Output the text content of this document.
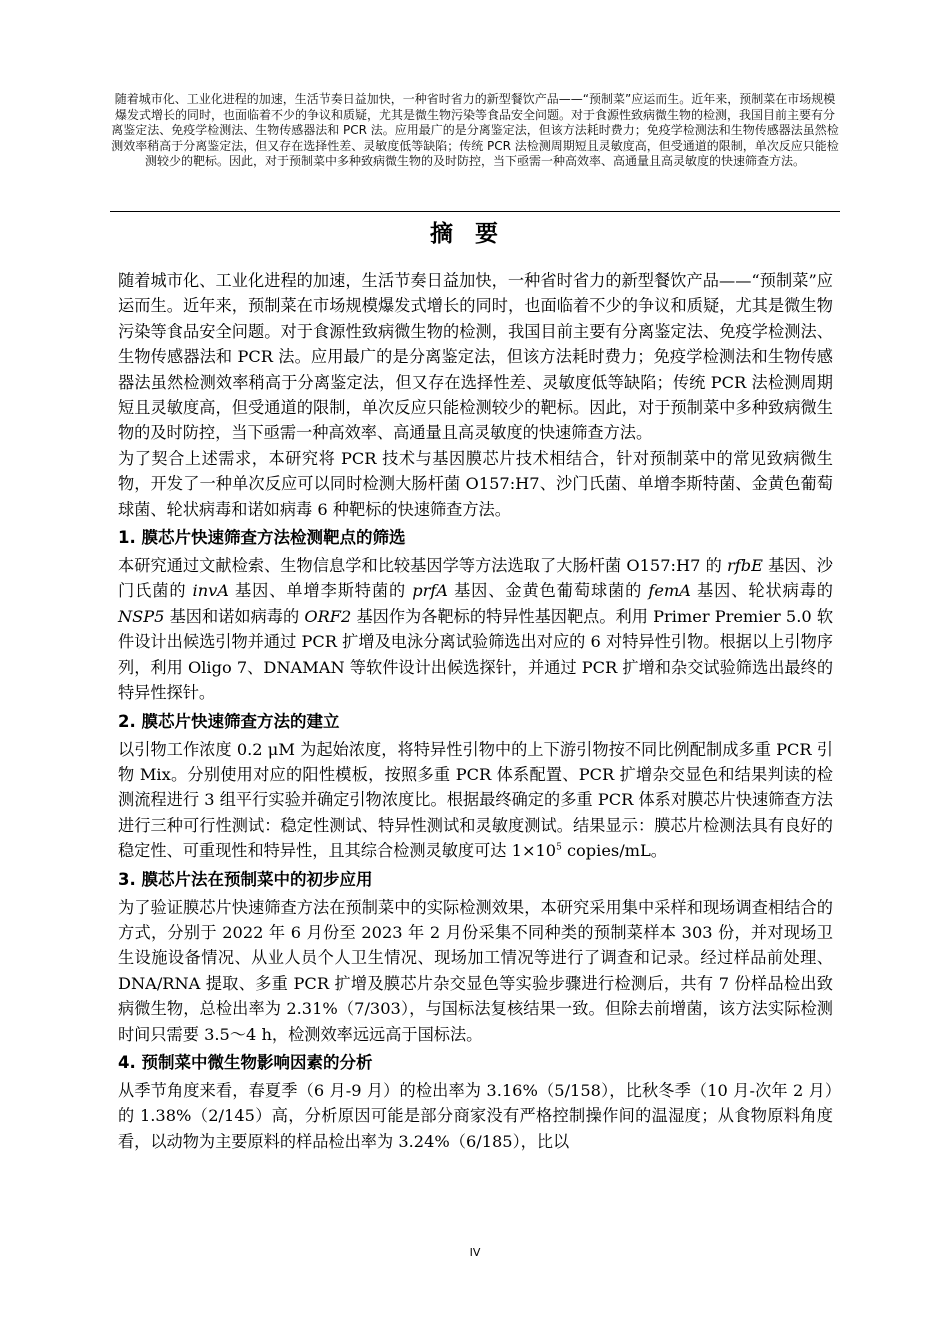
随着城市化、工业化进程的加速，生活节奏日益加快，一种省时省力的新型餐饮产品——“预制菜”应运而生。近年来，预制菜在市场规模爆发式增长的同时，也面临着不少的争议和质疑，尤其是微生物污染等食品安全问题。对于食源性致病微生物的检测，我国目前主要有分离鉴定法、免疫学检测法、生物传感器法和 PCR 法。应用最广的是分离鉴定法，但该方法耗时费力；免疫学检测法和生物传感器法虽然检测效率稍高于分离鉴定法，但又存在选择性差、灵敏度低等缺陷；传统 PCR 法检测周期短且灵敏度高，但受通道的限制，单次反应只能检测较少的靶标。因此，对于预制菜中多种致病微生物的及时防控，当下亟需一种高效率、高通量且高灵敏度的快速筛查方法。
摘要

随着城市化、工业化进程的加速，生活节奏日益加快，一种省时省力的新型餐饮产品——“预制菜”应运而生。近年来，预制菜在市场规模爆发式增长的同时，也面临着不少的争议和质疑，尤其是微生物污染等食品安全问题。对于食源性致病微生物的检测，我国目前主要有分离鉴定法、免疫学检测法、生物传感器法和 PCR 法。应用最广的是分离鉴定法，但该方法耗时费力；免疫学检测法和生物传感器法虽然检测效率稍高于分离鉴定法，但又存在选择性差、灵敏度低等缺陷；传统 PCR 法检测周期短且灵敏度高，但受通道的限制，单次反应只能检测较少的靶标。因此，对于预制菜中多种致病微生物的及时防控，当下亟需一种高效率、高通量且高灵敏度的快速筛查方法。

为了契合上述需求，本研究将 PCR 技术与基因膜芯片技术相结合，针对预制菜中的常见致病微生物，开发了一种单次反应可以同时检测大肠杆菌 O157:H7、沙门氏菌、单增李斯特菌、金黄色葡萄球菌、轮状病毒和诺如病毒 6 种靶标的快速筛查方法。

1. 膜芯片快速筛查方法检测靶点的筛选

本研究通过文献检索、生物信息学和比较基因学等方法选取了大肠杆菌 O157:H7 的 rfbE 基因、沙门氏菌的 invA 基因、单增李斯特菌的 prfA 基因、金黄色葡萄球菌的 femA 基因、轮状病毒的 NSP5 基因和诺如病毒的 ORF2 基因作为各靶标的特异性基因靶点。利用 Primer Premier 5.0 软件设计出候选引物并通过 PCR 扩增及电泳分离试验筛选出对应的 6 对特异性引物。根据以上引物序列，利用 Oligo 7、DNAMAN 等软件设计出候选探针，并通过 PCR 扩增和杂交试验筛选出最终的特异性探针。

2. 膜芯片快速筛查方法的建立

以引物工作浓度 0.2 μM 为起始浓度，将特异性引物中的上下游引物按不同比例配制成多重 PCR 引物 Mix。分别使用对应的阳性模板，按照多重 PCR 体系配置、PCR 扩增杂交显色和结果判读的检测流程进行 3 组平行实验并确定引物浓度比。根据最终确定的多重 PCR 体系对膜芯片快速筛查方法进行三种可行性测试：稳定性测试、特异性测试和灵敏度测试。结果显示：膜芯片检测法具有良好的稳定性、可重现性和特异性，且其综合检测灵敏度可达 $1\times 10^5$ copies/mL。

3. 膜芯片法在预制菜中的初步应用

为了验证膜芯片快速筛查方法在预制菜中的实际检测效果，本研究采用集中采样和现场调查相结合的方式，分别于 2022 年 6 月份至 2023 年 2 月份采集不同种类的预制菜样本 303 份，并对现场卫生设施设备情况、从业人员个人卫生情况、现场加工情况等进行了调查和记录。经过样品前处理、DNA/RNA 提取、多重 PCR 扩增及膜芯片杂交显色等实验步骤进行检测后，共有 7 份样品检出致病微生物，总检出率为 2.31%（7/303），与国标法复核结果一致。但除去前增菌，该方法实际检测时间只需要 3.5～4 h，检测效率远远高于国标法。

4. 预制菜中微生物影响因素的分析

从季节角度来看，春夏季（6 月-9 月）的检出率为 3.16%（5/158），比秋冬季（10 月-次年 2 月）的 1.38%（2/145）高，分析原因可能是部分商家没有严格控制操作间的温湿度；从食物原料角度看，以动物为主要原料的样品检出率为 3.24%（6/185），比以

IV
